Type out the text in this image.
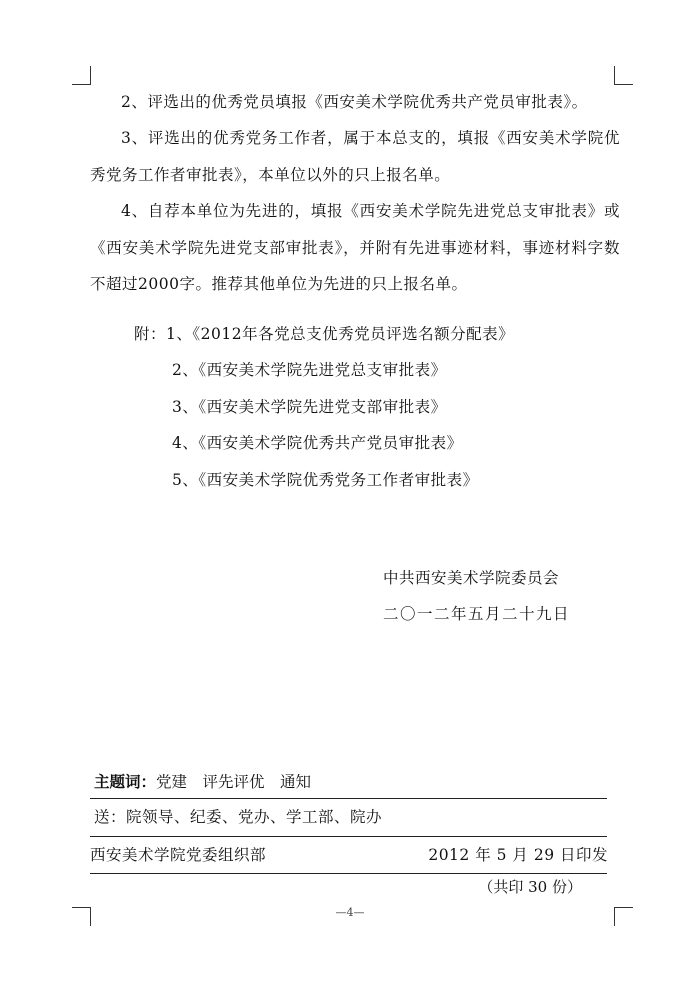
2、评选出的优秀党员填报《西安美术学院优秀共产党员审批表》。

3、评选出的优秀党务工作者，属于本总支的，填报《西安美术学院优秀党务工作者审批表》，本单位以外的只上报名单。

4、自荐本单位为先进的，填报《西安美术学院先进党总支审批表》或《西安美术学院先进党支部审批表》，并附有先进事迹材料，事迹材料字数不超过2000字。推荐其他单位为先进的只上报名单。

附：1、《2012年各党总支优秀党员评选名额分配表》
2、《西安美术学院先进党总支审批表》
3、《西安美术学院先进党支部审批表》
4、《西安美术学院优秀共产党员审批表》
5、《西安美术学院优秀党务工作者审批表》
中共西安美术学院委员会
二〇一二年五月二十九日
主题词：党建　评先评优　通知
送：院领导、纪委、党办、学工部、院办
西安美术学院党委组织部	2012 年 5 月 29 日印发
（共印 30 份）
—4—
